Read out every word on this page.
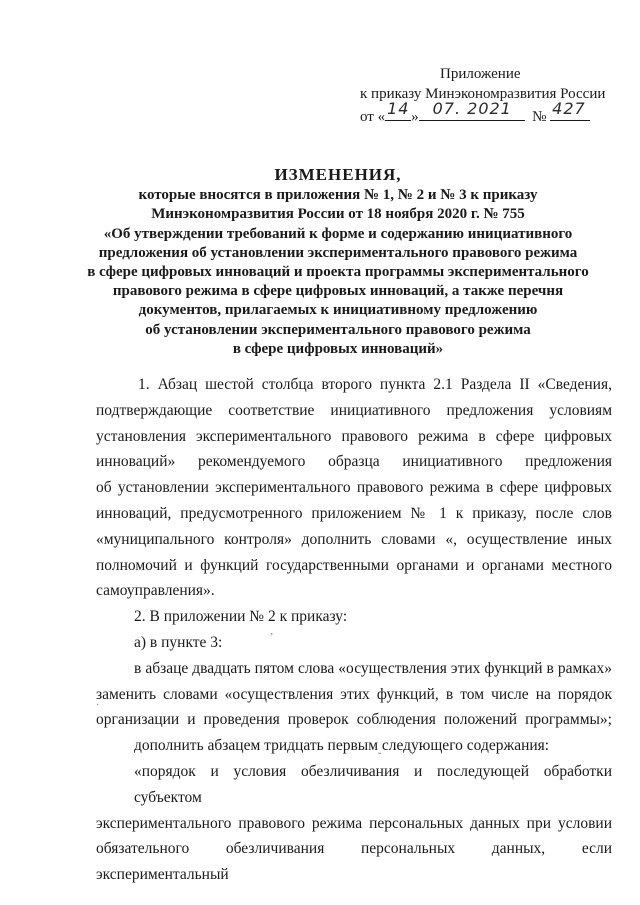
Приложение
к приказу Минэкономразвития России
от « 14 » 07. 2021 № 427
ИЗМЕНЕНИЯ,
которые вносятся в приложения № 1, № 2 и № 3 к приказу
Минэкономразвития России от 18 ноября 2020 г. № 755
«Об утверждении требований к форме и содержанию инициативного
предложения об установлении экспериментального правового режима
в сфере цифровых инноваций и проекта программы экспериментального
правового режима в сфере цифровых инноваций, а также перечня
документов, прилагаемых к инициативному предложению
об установлении экспериментального правового режима
в сфере цифровых инноваций»
1. Абзац шестой столбца второго пункта 2.1 Раздела II «Сведения,
подтверждающие соответствие инициативного предложения условиям
установления экспериментального правового режима в сфере цифровых
инноваций» рекомендуемого образца инициативного предложения
об установлении экспериментального правового режима в сфере цифровых
инноваций, предусмотренного приложением № 1 к приказу, после слов
«муниципального контроля» дополнить словами «, осуществление иных
полномочий и функций государственными органами и органами местного
самоуправления».
2. В приложении № 2 к приказу:
а) в пункте 3:
в абзаце двадцать пятом слова «осуществления этих функций в рамках»
заменить словами «осуществления этих функций, в том числе на порядок
организации и проведения проверок соблюдения положений программы»;
дополнить абзацем тридцать первым следующего содержания:
«порядок и условия обезличивания и последующей обработки субъектом
экспериментального правового режима персональных данных при условии
обязательного обезличивания персональных данных, если экспериментальный
ʼ
·
ˇ
